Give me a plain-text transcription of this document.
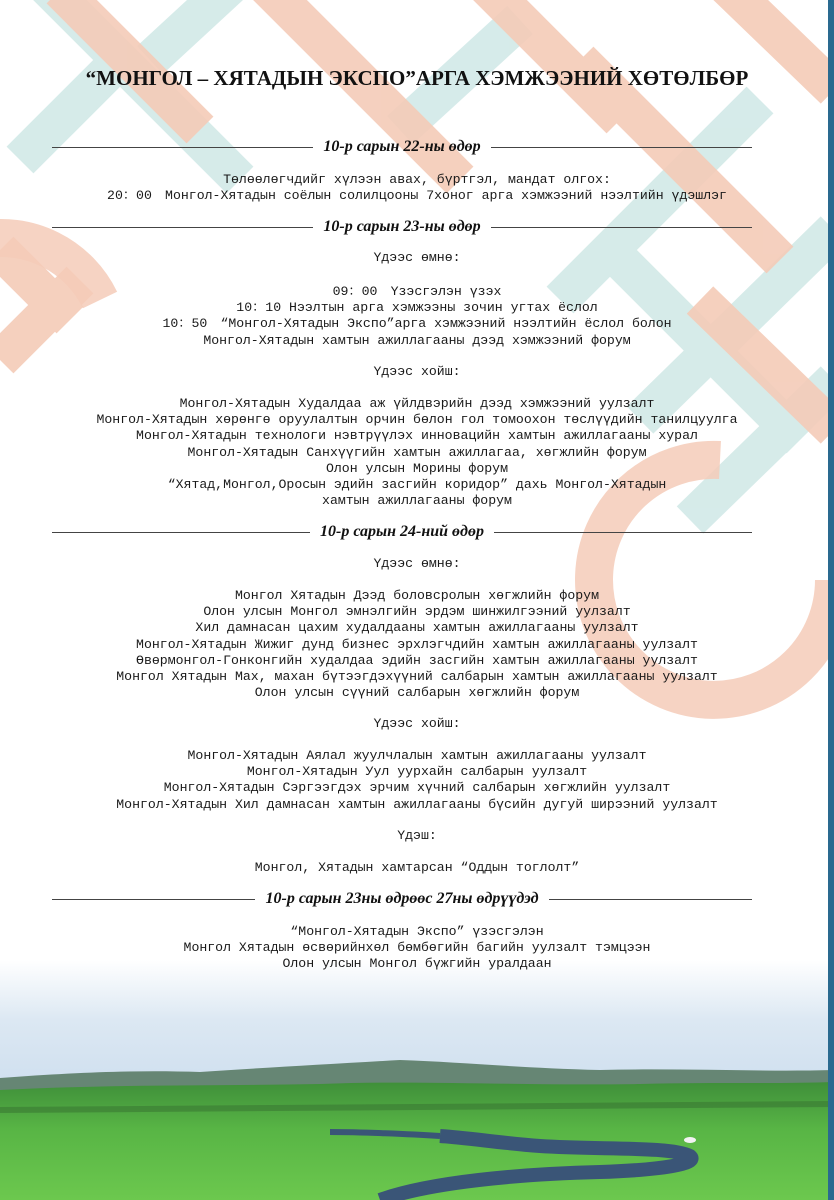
“МОНГОЛ – ХЯТАДЫН ЭКСПО”АРГА ХЭМЖЭЭНИЙ ХӨТӨЛБӨР
10-р сарын 22-ны өдөр
Төлөөлөгчдийг хүлээн авах, бүртгэл, мандат олгох:
20：00　Монгол-Хятадын соёлын солилцооны 7хоног арга хэмжээний нээлтийн үдэшлэг
10-р сарын 23-ны өдөр
Үдээс өмнө:
09：00　Үзэсгэлэн үзэх
10：10 Нээлтын арга хэмжээны зочин угтах ёслол
10：50　“Монгол-Хятадын Экспо”арга хэмжээний нээлтийн ёслол болон
Монгол-Хятадын хамтын ажиллагааны дээд хэмжээний форум
Үдээс хойш:
Монгол-Хятадын Худалдаа аж үйлдвэрийн дээд хэмжээний уулзалт
Монгол-Хятадын хөрөнгө оруулалтын орчин бөлон гол томоохон төслүүдийн танилцуулга
Монгол-Хятадын технологи нэвтрүүлэх инновацийн хамтын ажиллагааны хурал
Монгол-Хятадын Санхүүгийн хамтын ажиллагаа, хөгжлийн форум
Олон улсын Морины форум
“Хятад,Монгол,Оросын эдийн засгийн коридор” дахь Монгол-Хятадын
хамтын ажиллагааны форум
10-р сарын 24-ний өдөр
Үдээс өмнө:
Монгол Хятадын Дээд боловсролын хөгжлийн форум
Олон улсын Монгол эмнэлгийн эрдэм шинжилгээний уулзалт
Хил дамнасан цахим худалдааны хамтын ажиллагааны уулзалт
Монгол-Хятадын Жижиг дунд бизнес эрхлэгчдийн хамтын ажиллагааны уулзалт
Өвөрмонгол-Гонконгийн худалдаа эдийн засгийн хамтын ажиллагааны уулзалт
Монгол Хятадын Мах, махан бүтээгдэхүүний салбарын хамтын ажиллагааны уулзалт
Олон улсын сүүний салбарын хөгжлийн форум
Үдээс хойш:
Монгол-Хятадын Аялал жуулчлалын хамтын ажиллагааны уулзалт
Монгол-Хятадын Уул уурхайн салбарын уулзалт
Монгол-Хятадын Сэргээгдэх эрчим хүчний салбарын хөгжлийн уулзалт
Монгол-Хятадын Хил дамнасан хамтын ажиллагааны бүсийн дугуй ширээний уулзалт
Үдэш:
Монгол, Хятадын хамтарсан “Оддын тоглолт”
10-р сарын 23ны өдрөөс 27ны өдрүүдэд
“Монгол-Хятадын Экспо” үзэсгэлэн
Монгол Хятадын өсвөрийнхөл бөмбөгийн багийн уулзалт тэмцээн
Олон улсын Монгол бүжгийн уралдаан
